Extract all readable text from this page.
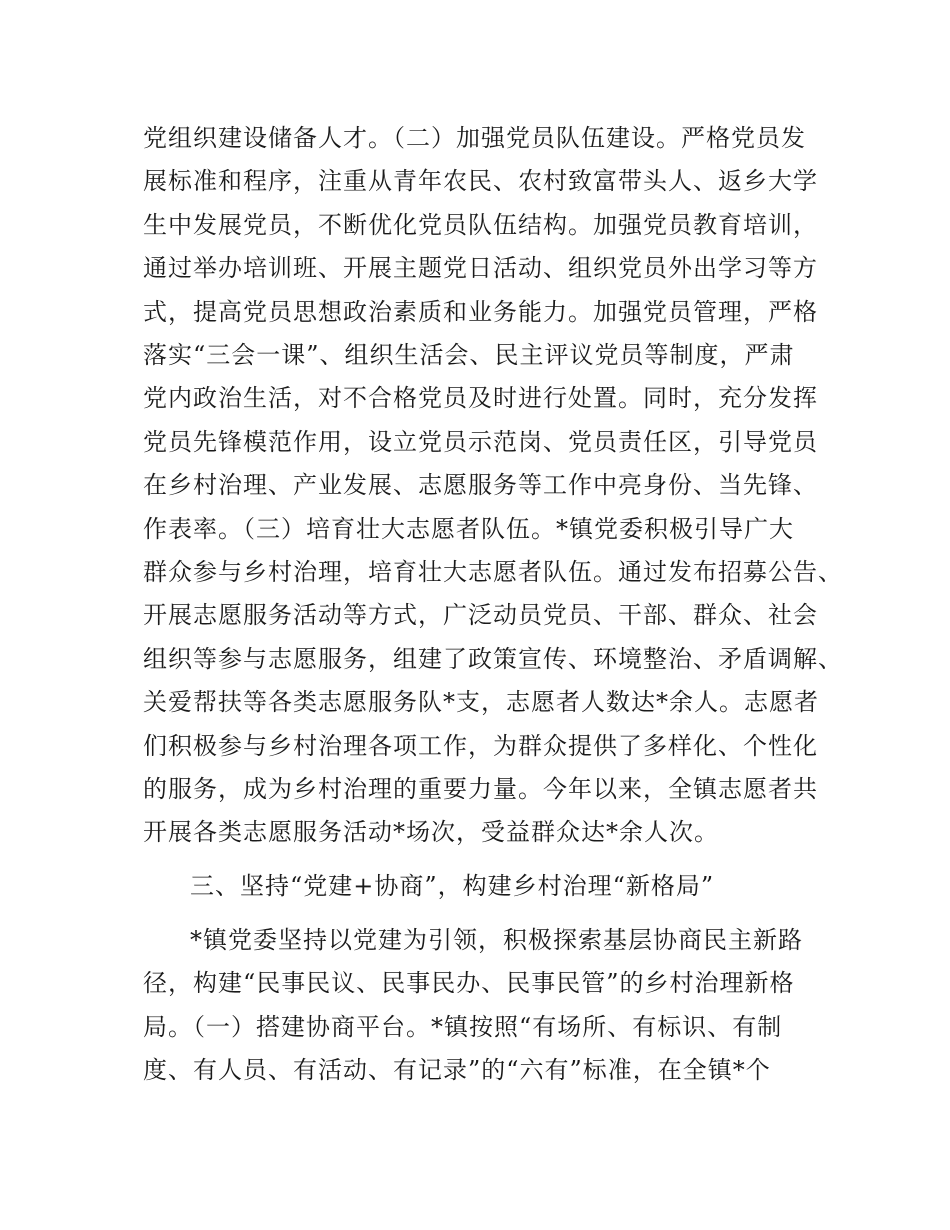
党组织建设储备人才。（二）加强党员队伍建设。严格党员发
展标准和程序，注重从青年农民、农村致富带头人、返乡大学
生中发展党员，不断优化党员队伍结构。加强党员教育培训，
通过举办培训班、开展主题党日活动、组织党员外出学习等方
式，提高党员思想政治素质和业务能力。加强党员管理，严格
落实“三会一课”、组织生活会、民主评议党员等制度，严肃
党内政治生活，对不合格党员及时进行处置。同时，充分发挥
党员先锋模范作用，设立党员示范岗、党员责任区，引导党员
在乡村治理、产业发展、志愿服务等工作中亮身份、当先锋、
作表率。（三）培育壮大志愿者队伍。*镇党委积极引导广大
群众参与乡村治理，培育壮大志愿者队伍。通过发布招募公告、
开展志愿服务活动等方式，广泛动员党员、干部、群众、社会
组织等参与志愿服务，组建了政策宣传、环境整治、矛盾调解、
关爱帮扶等各类志愿服务队*支，志愿者人数达*余人。志愿者
们积极参与乡村治理各项工作，为群众提供了多样化、个性化
的服务，成为乡村治理的重要力量。今年以来，全镇志愿者共
开展各类志愿服务活动*场次，受益群众达*余人次。
三、坚持“党建+协商”，构建乡村治理“新格局”
*镇党委坚持以党建为引领，积极探索基层协商民主新路
径，构建“民事民议、民事民办、民事民管”的乡村治理新格
局。（一）搭建协商平台。*镇按照“有场所、有标识、有制
度、有人员、有活动、有记录”的“六有”标准，在全镇*个
